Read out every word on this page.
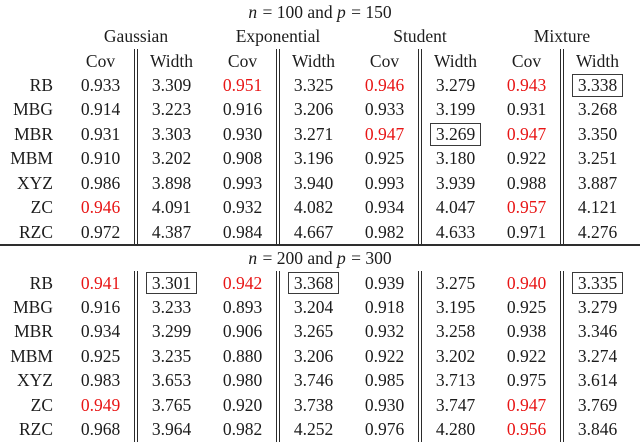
n = 100 and p = 150
Gaussian	Exponential	Student	Mixture
Cov	Width	Cov	Width	Cov	Width	Cov	Width
RB	0.933 3.309 0.951 3.325 0.946 3.279 0.943	3.338
MBG	0.914 3.223 0.916 3.206 0.933 3.199 0.931 3.268
MBR	0.931 3.303 0.930 3.271 0.947	3.269	0.947 3.350
MBM	0.910 3.202 0.908 3.196 0.925 3.180 0.922 3.251
XYZ	0.986 3.898 0.993 3.940 0.993 3.939 0.988 3.887
ZC	0.946 4.091 0.932 4.082 0.934 4.047 0.957 4.121
RZC	0.972 4.387 0.984 4.667 0.982 4.633 0.971 4.276
n = 200 and p = 300
RB	0.941	3.301	0.942	3.368	0.939 3.275 0.940	3.335
MBG	0.916 3.233 0.893 3.204 0.918 3.195 0.925 3.279
MBR	0.934 3.299 0.906 3.265 0.932 3.258 0.938 3.346
MBM	0.925 3.235 0.880 3.206 0.922 3.202 0.922 3.274
XYZ	0.983 3.653 0.980 3.746 0.985 3.713 0.975 3.614
ZC	0.949 3.765 0.920 3.738 0.930 3.747 0.947 3.769
RZC	0.968 3.964 0.982 4.252 0.976 4.280 0.956 3.846
